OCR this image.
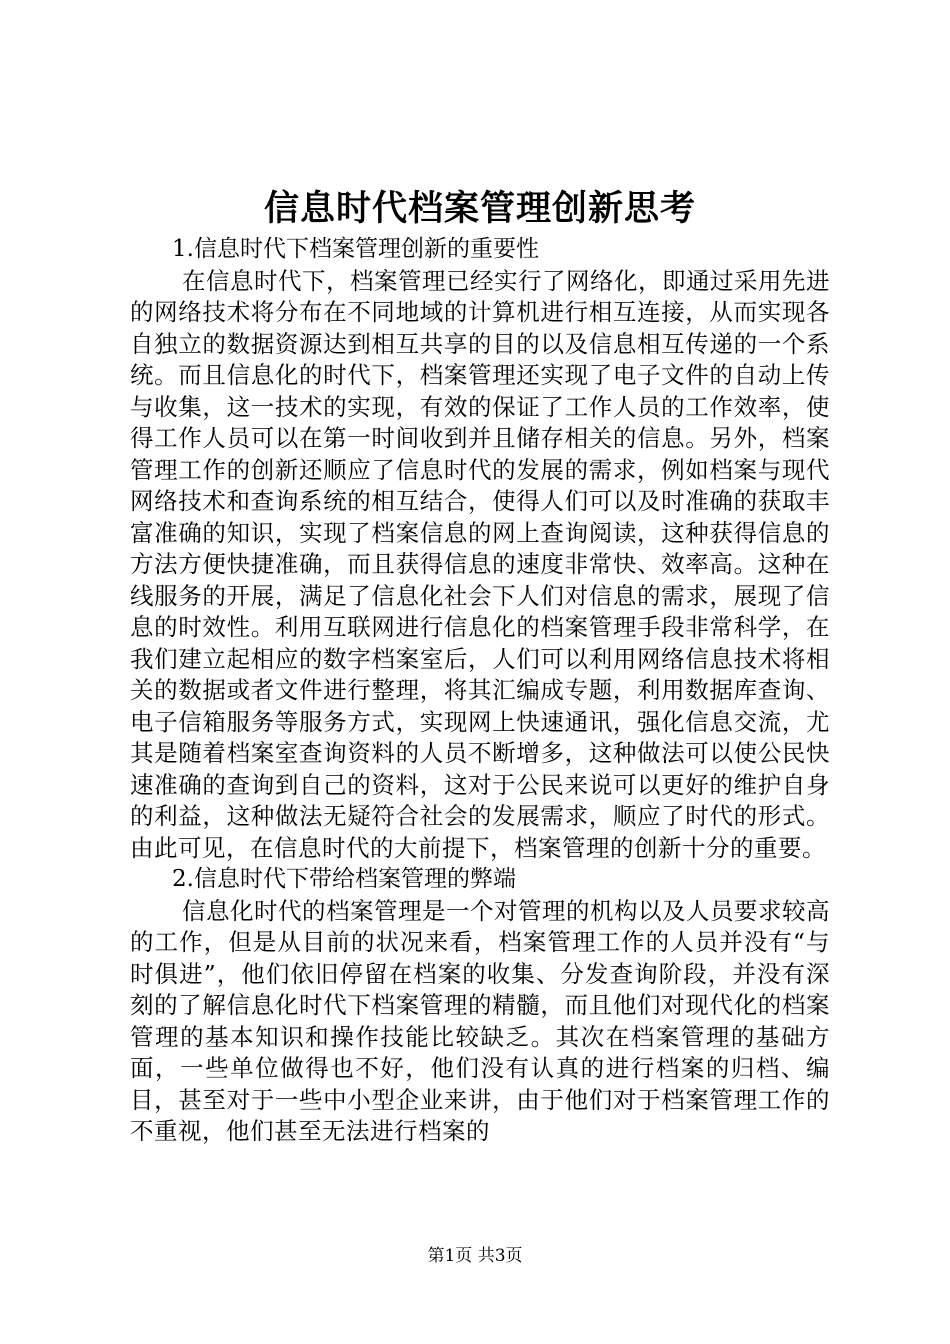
信息时代档案管理创新思考
1.信息时代下档案管理创新的重要性

在信息时代下，档案管理已经实行了网络化，即通过采用先进的网络技术将分布在不同地域的计算机进行相互连接，从而实现各自独立的数据资源达到相互共享的目的以及信息相互传递的一个系统。而且信息化的时代下，档案管理还实现了电子文件的自动上传与收集，这一技术的实现，有效的保证了工作人员的工作效率，使得工作人员可以在第一时间收到并且储存相关的信息。另外，档案管理工作的创新还顺应了信息时代的发展的需求，例如档案与现代网络技术和查询系统的相互结合，使得人们可以及时准确的获取丰富准确的知识，实现了档案信息的网上查询阅读，这种获得信息的方法方便快捷准确，而且获得信息的速度非常快、效率高。这种在线服务的开展，满足了信息化社会下人们对信息的需求，展现了信息的时效性。利用互联网进行信息化的档案管理手段非常科学，在我们建立起相应的数字档案室后，人们可以利用网络信息技术将相关的数据或者文件进行整理，将其汇编成专题，利用数据库查询、电子信箱服务等服务方式，实现网上快速通讯，强化信息交流，尤其是随着档案室查询资料的人员不断增多，这种做法可以使公民快速准确的查询到自己的资料，这对于公民来说可以更好的维护自身的利益，这种做法无疑符合社会的发展需求，顺应了时代的形式。由此可见，在信息时代的大前提下，档案管理的创新十分的重要。

2.信息时代下带给档案管理的弊端

信息化时代的档案管理是一个对管理的机构以及人员要求较高的工作，但是从目前的状况来看，档案管理工作的人员并没有“与时俱进”，他们依旧停留在档案的收集、分发查询阶段，并没有深刻的了解信息化时代下档案管理的精髓，而且他们对现代化的档案管理的基本知识和操作技能比较缺乏。其次在档案管理的基础方面，一些单位做得也不好，他们没有认真的进行档案的归档、编目，甚至对于一些中小型企业来讲，由于他们对于档案管理工作的不重视，他们甚至无法进行档案的

第1页 共3页
